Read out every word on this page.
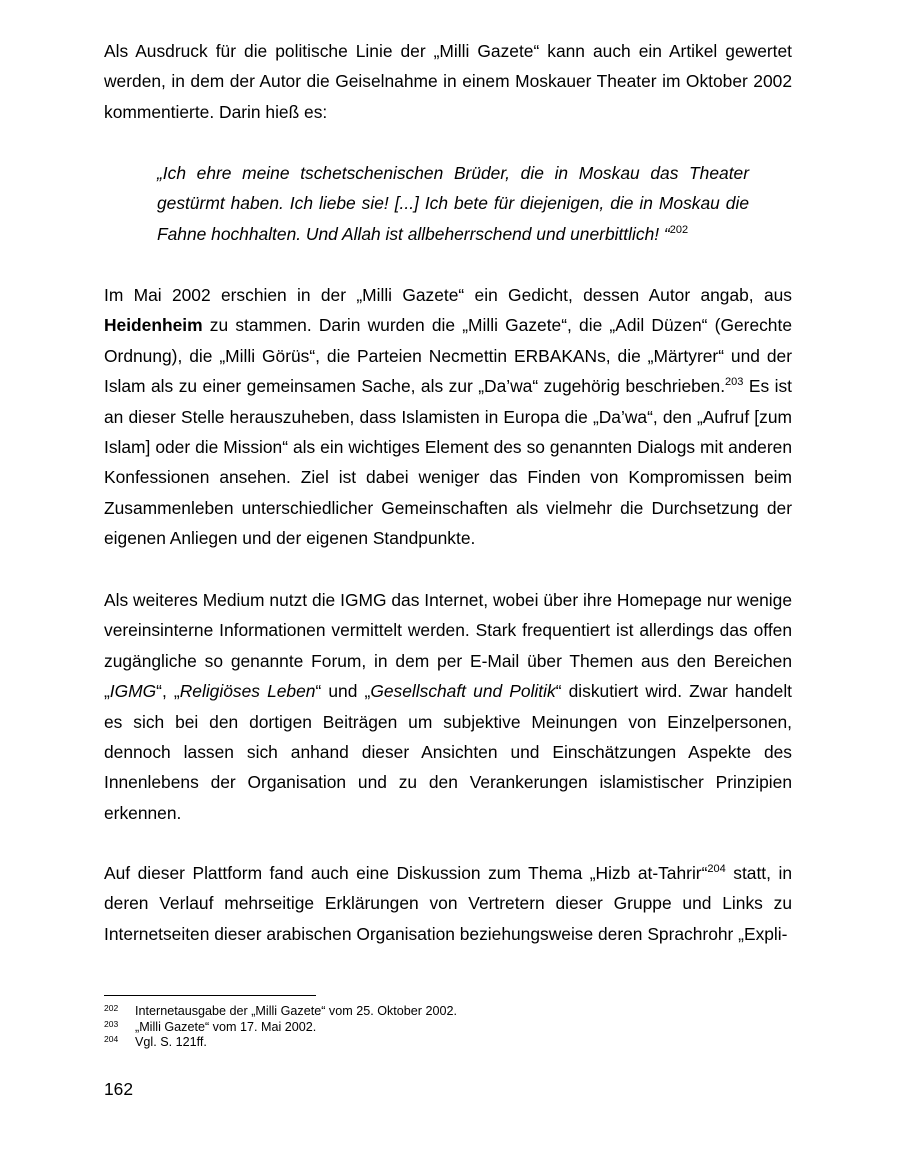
Als Ausdruck für die politische Linie der „Milli Gazete“ kann auch ein Artikel gewertet werden, in dem der Autor die Geiselnahme in einem Moskauer Theater im Oktober 2002 kommentierte. Darin hieß es:

„Ich ehre meine tschetschenischen Brüder, die in Moskau das Theater gestürmt haben. Ich liebe sie! [...] Ich bete für diejenigen, die in Moskau die Fahne hochhalten. Und Allah ist allbeherrschend und unerbittlich! “$^{202}$

Im Mai 2002 erschien in der „Milli Gazete“ ein Gedicht, dessen Autor angab, aus Heidenheim zu stammen. Darin wurden die „Milli Gazete“, die „Adil Düzen“ (Gerechte Ordnung), die „Milli Görüs“, die Parteien Necmettin ERBAKANs, die „Märtyrer“ und der Islam als zu einer gemeinsamen Sache, als zur „Da’wa“ zugehörig beschrieben.$^{203}$ Es ist an dieser Stelle herauszuheben, dass Islamisten in Europa die „Da’wa“, den „Aufruf [zum Islam] oder die Mission“ als ein wichtiges Element des so genannten Dialogs mit anderen Konfessionen ansehen. Ziel ist dabei weniger das Finden von Kompromissen beim Zusammenleben unterschiedlicher Gemeinschaften als vielmehr die Durchsetzung der eigenen Anliegen und der eigenen Standpunkte.

Als weiteres Medium nutzt die IGMG das Internet, wobei über ihre Homepage nur wenige vereinsinterne Informationen vermittelt werden. Stark frequentiert ist allerdings das offen zugängliche so genannte Forum, in dem per E-Mail über Themen aus den Bereichen „IGMG“, „Religiöses Leben“ und „Gesellschaft und Politik“ diskutiert wird. Zwar handelt es sich bei den dortigen Beiträgen um subjektive Meinungen von Einzelpersonen, dennoch lassen sich anhand dieser Ansichten und Einschätzungen Aspekte des Innenlebens der Organisation und zu den Verankerungen islamistischer Prinzipien erkennen.

Auf dieser Plattform fand auch eine Diskussion zum Thema „Hizb at-Tahrir“$^{204}$ statt, in deren Verlauf mehrseitige Erklärungen von Vertretern dieser Gruppe und Links zu Internetseiten dieser arabischen Organisation beziehungsweise deren Sprachrohr „Expli-

202 Internetausgabe der „Milli Gazete“ vom 25. Oktober 2002.
203 „Milli Gazete“ vom 17. Mai 2002.
204 Vgl. S. 121ff.
162
